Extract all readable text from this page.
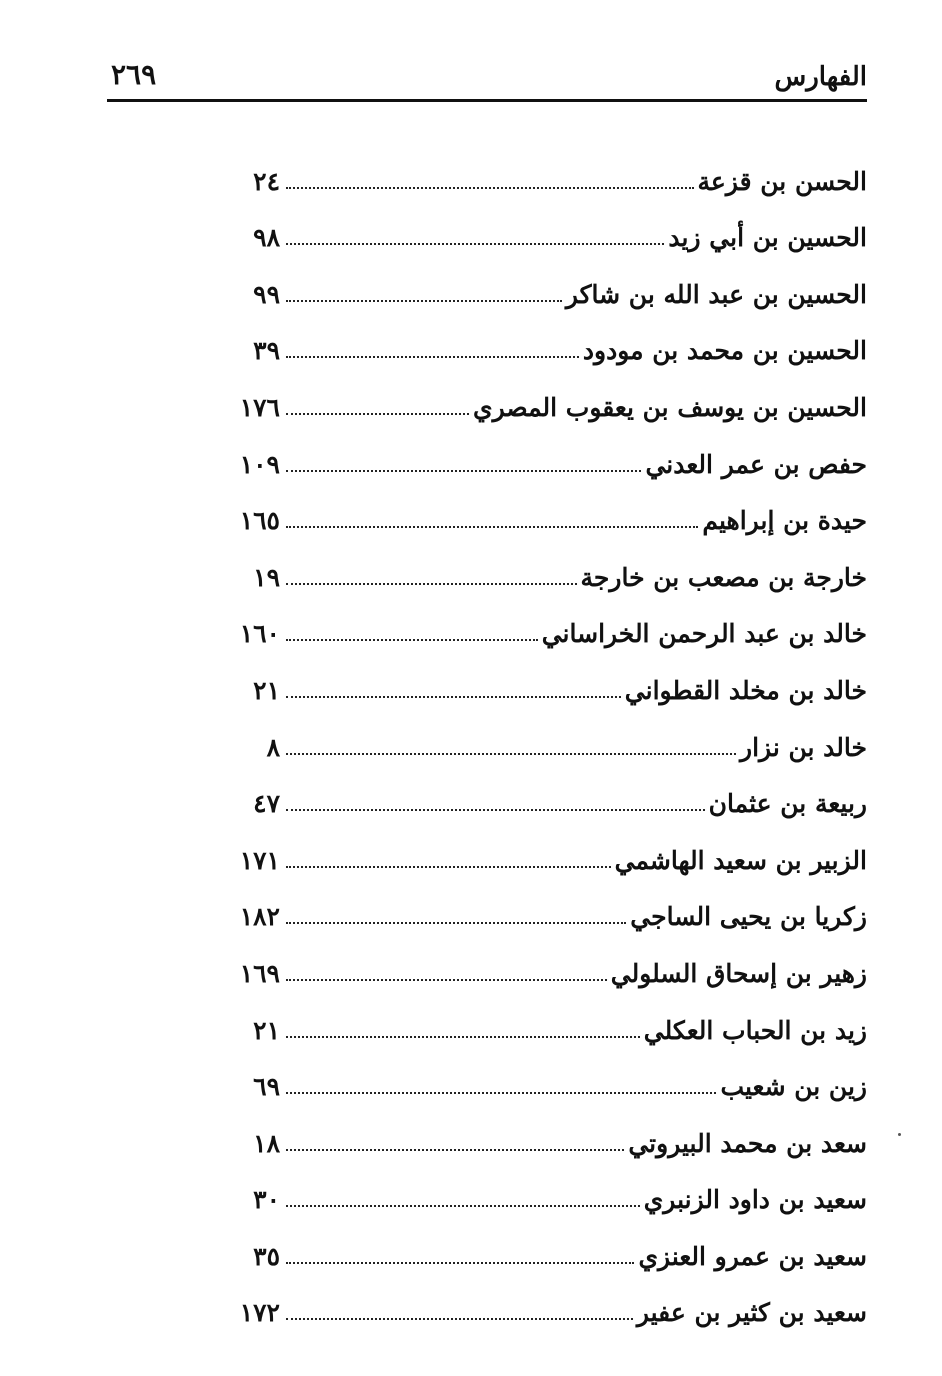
الفهارس
٢٦٩
الحسن بن قزعة
٢٤
الحسين بن أبي زيد
٩٨
الحسين بن عبد الله بن شاكر
٩٩
الحسين بن محمد بن مودود
٣٩
الحسين بن يوسف بن يعقوب المصري
١٧٦
حفص بن عمر العدني
١٠٩
حيدة بن إبراهيم
١٦٥
خارجة بن مصعب بن خارجة
١٩
خالد بن عبد الرحمن الخراساني
١٦٠
خالد بن مخلد القطواني
٢١
خالد بن نزار
٨
ربيعة بن عثمان
٤٧
الزبير بن سعيد الهاشمي
١٧١
زكريا بن يحيى الساجي
١٨٢
زهير بن إسحاق السلولي
١٦٩
زيد بن الحباب العكلي
٢١
زين بن شعيب
٦٩
سعد بن محمد البيروتي
١٨
سعيد بن داود الزنبري
٣٠
سعيد بن عمرو العنزي
٣٥
سعيد بن كثير بن عفير
١٧٢
